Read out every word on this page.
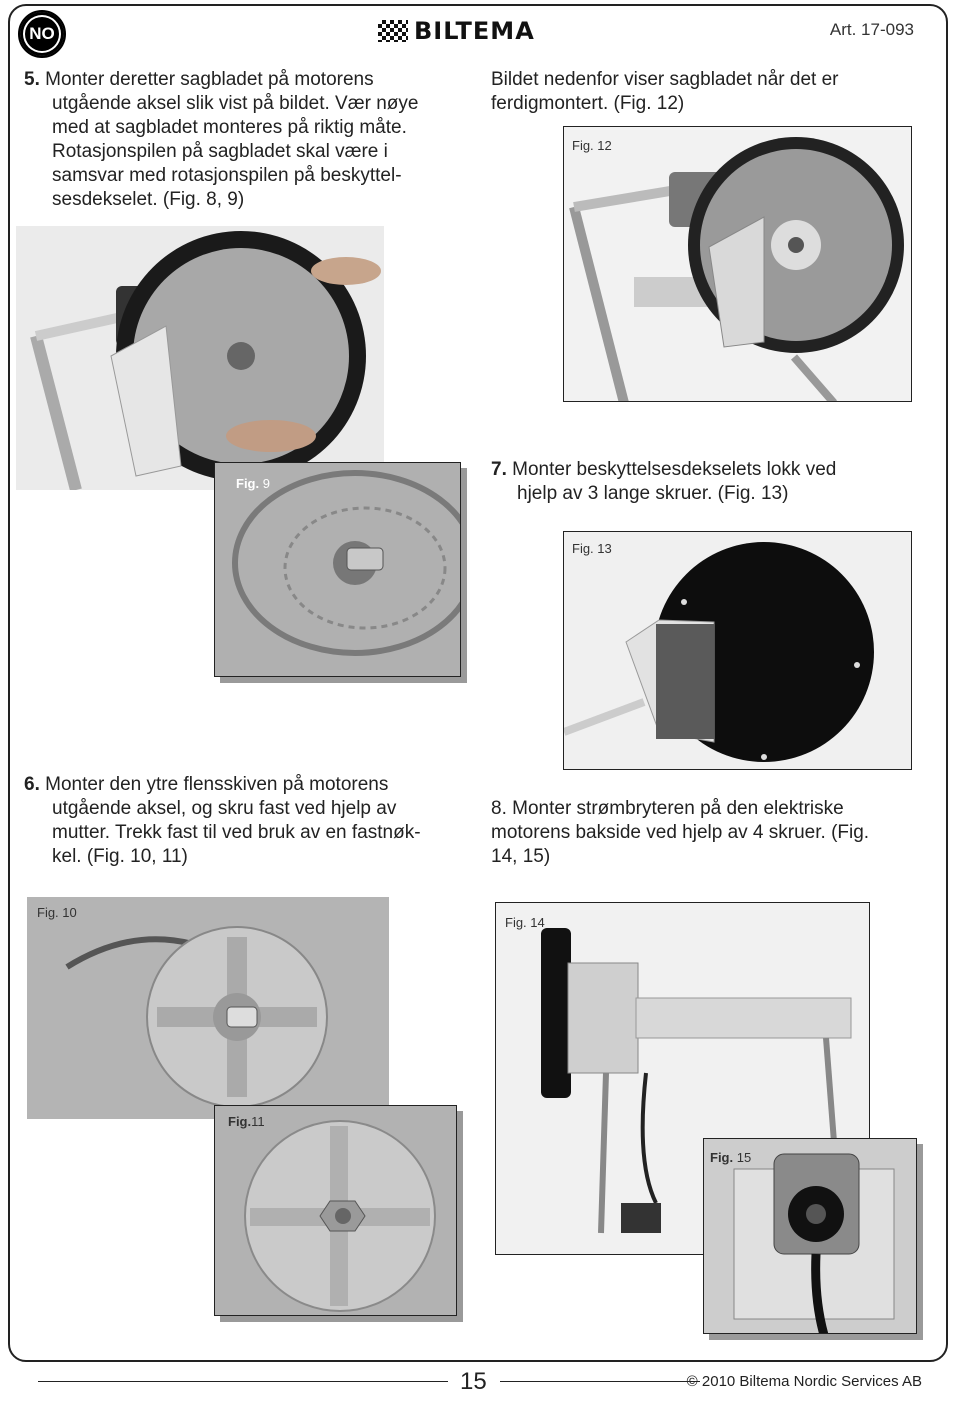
NO	BILTEMA	Art. 17-093
5. Monter deretter sagbladet på motorens
utgående aksel slik vist på bildet. Vær nøye
med at sagbladet monteres på riktig måte.
Rotasjonspilen på sagbladet skal være i
samsvar med rotasjonspilen på beskyttel-
sesdekselet. (Fig. 8, 9)
Bildet nedenfor viser sagbladet når det er
ferdigmontert. (Fig. 12)
Fig. 12
Fig. 9
7. Monter beskyttelsesdekselets lokk ved
hjelp av 3 lange skruer. (Fig. 13)
Fig. 13
6. Monter den ytre flensskiven på motorens
utgående aksel, og skru fast ved hjelp av
mutter. Trekk fast til ved bruk av en fastnøk-
kel. (Fig. 10, 11)
8. Monter strømbryteren på den elektriske
motorens bakside ved hjelp av 4 skruer. (Fig.
14, 15)
Fig. 10
Fig.11
Fig. 14
Fig. 15
15	© 2010 Biltema Nordic Services AB
